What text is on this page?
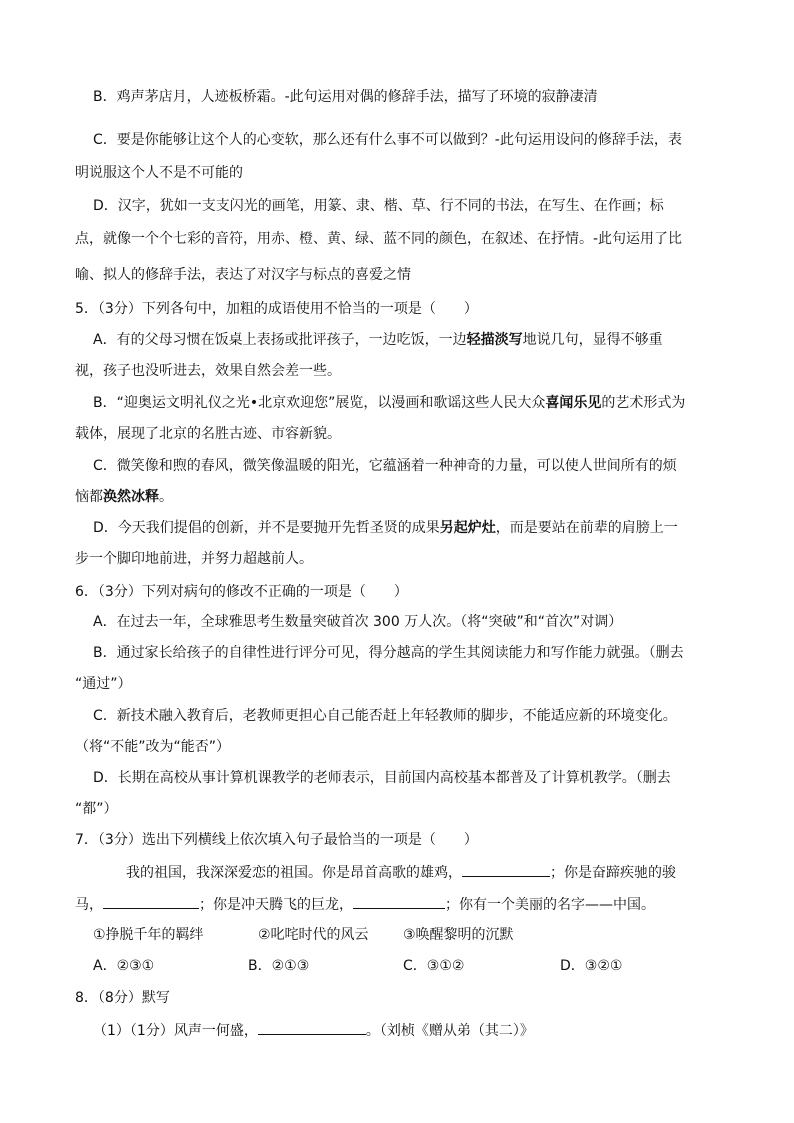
B．鸡声茅店月，人迹板桥霜。-此句运用对偶的修辞手法，描写了环境的寂静凄清
C．要是你能够让这个人的心变软，那么还有什么事不可以做到？-此句运用设问的修辞手法，表
明说服这个人不是不可能的
D．汉字，犹如一支支闪光的画笔，用篆、隶、楷、草、行不同的书法，在写生、在作画；标
点，就像一个个七彩的音符，用赤、橙、黄、绿、蓝不同的颜色，在叙述、在抒情。-此句运用了比
喻、拟人的修辞手法，表达了对汉字与标点的喜爱之情
5．（3分）下列各句中，加粗的成语使用不恰当的一项是（　　）
A．有的父母习惯在饭桌上表扬或批评孩子，一边吃饭，一边轻描淡写地说几句，显得不够重
视，孩子也没听进去，效果自然会差一些。
B．“迎奥运文明礼仪之光•北京欢迎您”展览，以漫画和歌谣这些人民大众喜闻乐见的艺术形式为
载体，展现了北京的名胜古迹、市容新貌。
C．微笑像和煦的春风，微笑像温暖的阳光，它蕴涵着一种神奇的力量，可以使人世间所有的烦
恼都涣然冰释。
D．今天我们提倡的创新，并不是要抛开先哲圣贤的成果另起炉灶，而是要站在前辈的肩膀上一
步一个脚印地前进，并努力超越前人。
6．（3分）下列对病句的修改不正确的一项是（　　）
A．在过去一年，全球雅思考生数量突破首次 300 万人次。（将“突破”和“首次”对调）
B．通过家长给孩子的自律性进行评分可见，得分越高的学生其阅读能力和写作能力就强。（删去
“通过”）
C．新技术融入教育后，老教师更担心自己能否赶上年轻教师的脚步，不能适应新的环境变化。
（将“不能”改为“能否”）
D．长期在高校从事计算机课教学的老师表示，目前国内高校基本都普及了计算机教学。（删去
“都”）
7．（3分）选出下列横线上依次填入句子最恰当的一项是（　　）
我的祖国，我深深爱恋的祖国。你是昂首高歌的雄鸡，	；你是奋蹄疾驰的骏
马，	；你是冲天腾飞的巨龙，	；你有一个美丽的名字——中国。
①挣脱千年的羁绊	②叱咤时代的风云 ③唤醒黎明的沉默
A．②③①	B．②①③	C．③①②	D．③②①
8．（8分）默写
（1）（1分）风声一何盛，	。（刘桢《赠从弟（其二）》
